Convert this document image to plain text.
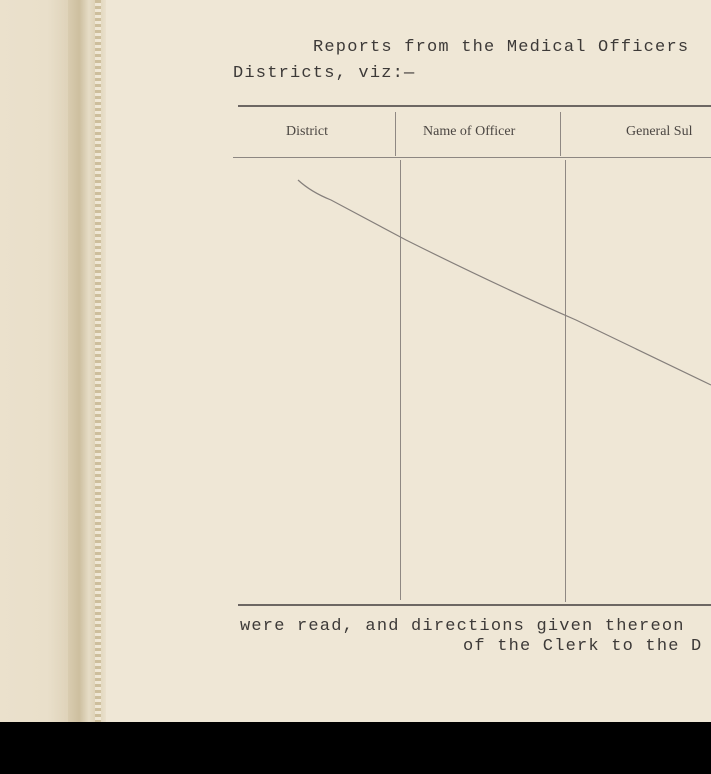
Reports from the Medical Officers
Districts, viz:—
District	Name of Officer	General Sul
were read, and directions given thereon
of the Clerk to the D
